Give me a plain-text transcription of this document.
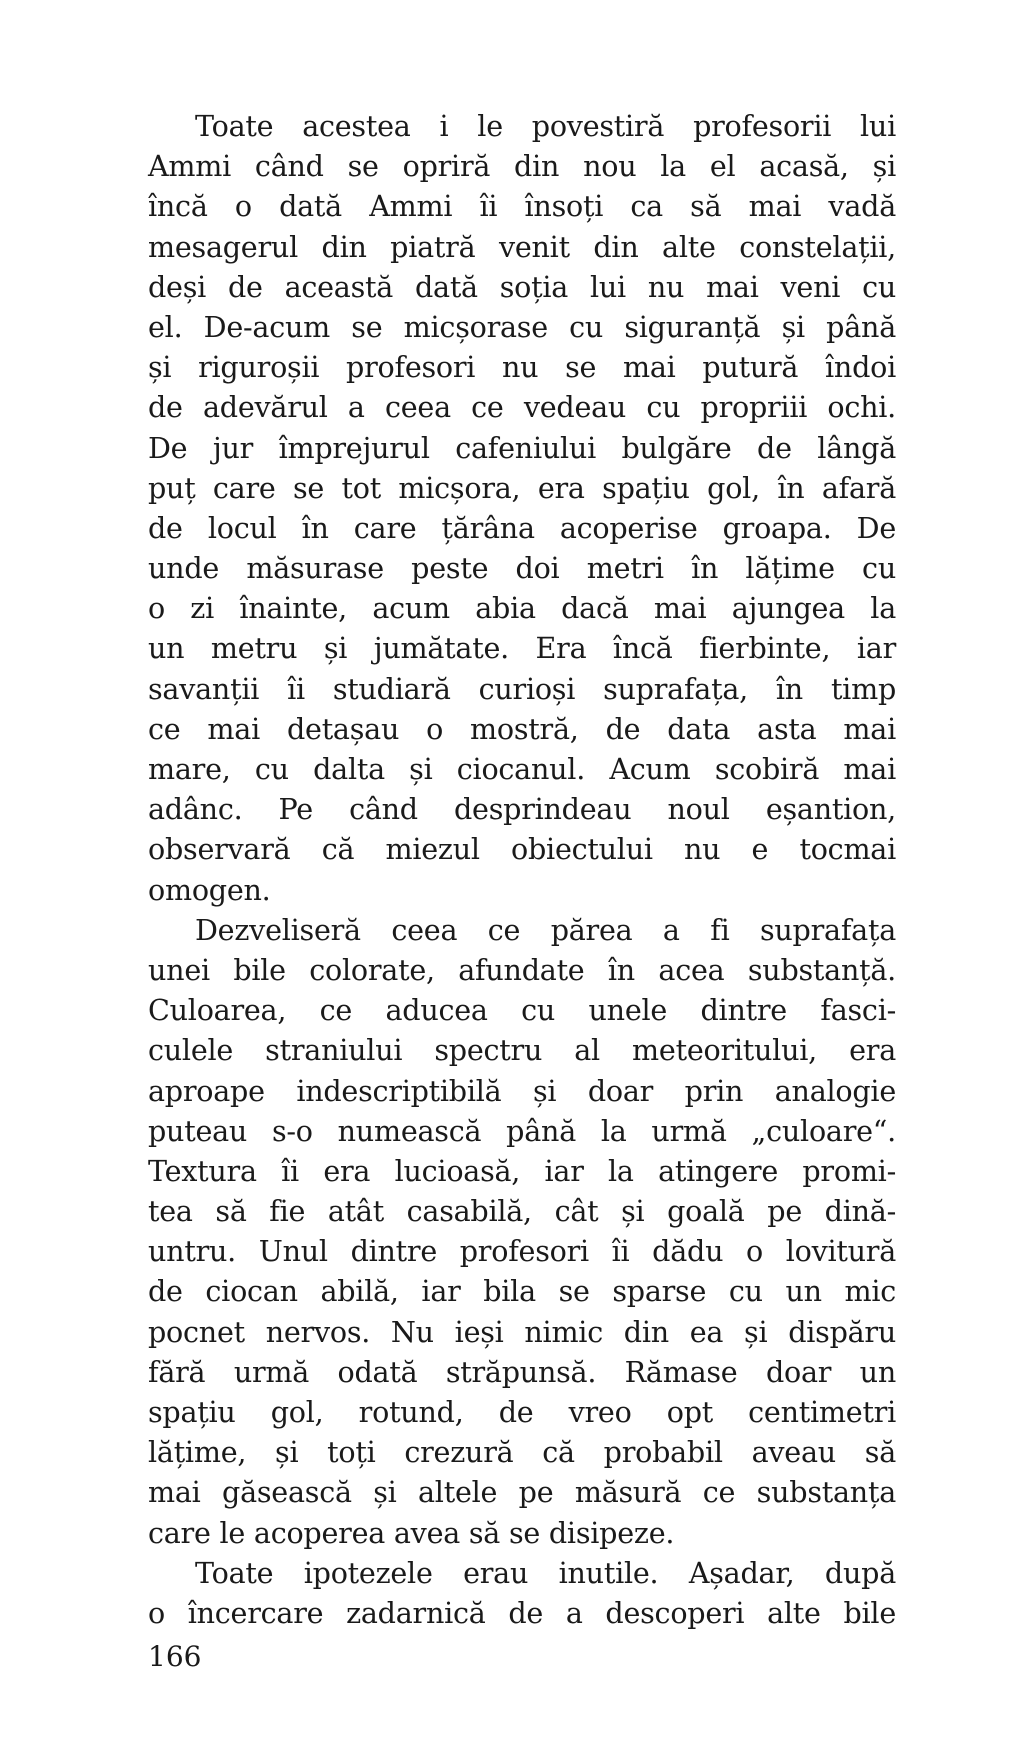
Toate acestea i le povestiră profesorii lui
Ammi când se opriră din nou la el acasă, și
încă o dată Ammi îi însoți ca să mai vadă
mesagerul din piatră venit din alte constelații,
deși de această dată soția lui nu mai veni cu
el. De-acum se micșorase cu siguranță și până
și riguroșii profesori nu se mai putură îndoi
de adevărul a ceea ce vedeau cu propriii ochi.
De jur împrejurul cafeniului bulgăre de lângă
puț care se tot micșora, era spațiu gol, în afară
de locul în care țărâna acoperise groapa. De
unde măsurase peste doi metri în lățime cu
o zi înainte, acum abia dacă mai ajungea la
un metru și jumătate. Era încă fierbinte, iar
savanții îi studiară curioși suprafața, în timp
ce mai detașau o mostră, de data asta mai
mare, cu dalta și ciocanul. Acum scobiră mai
adânc. Pe când desprindeau noul eșantion,
observară că miezul obiectului nu e tocmai
omogen.
Dezveliseră ceea ce părea a fi suprafața
unei bile colorate, afundate în acea substanță.
Culoarea, ce aducea cu unele dintre fasci-
culele straniului spectru al meteoritului, era
aproape indescriptibilă și doar prin analogie
puteau s-o numească până la urmă „culoare“.
Textura îi era lucioasă, iar la atingere promi-
tea să fie atât casabilă, cât și goală pe dină-
untru. Unul dintre profesori îi dădu o lovitură
de ciocan abilă, iar bila se sparse cu un mic
pocnet nervos. Nu ieși nimic din ea și dispăru
fără urmă odată străpunsă. Rămase doar un
spațiu gol, rotund, de vreo opt centimetri
lățime, și toți crezură că probabil aveau să
mai găsească și altele pe măsură ce substanța
care le acoperea avea să se disipeze.
Toate ipotezele erau inutile. Așadar, după
o încercare zadarnică de a descoperi alte bile
166
